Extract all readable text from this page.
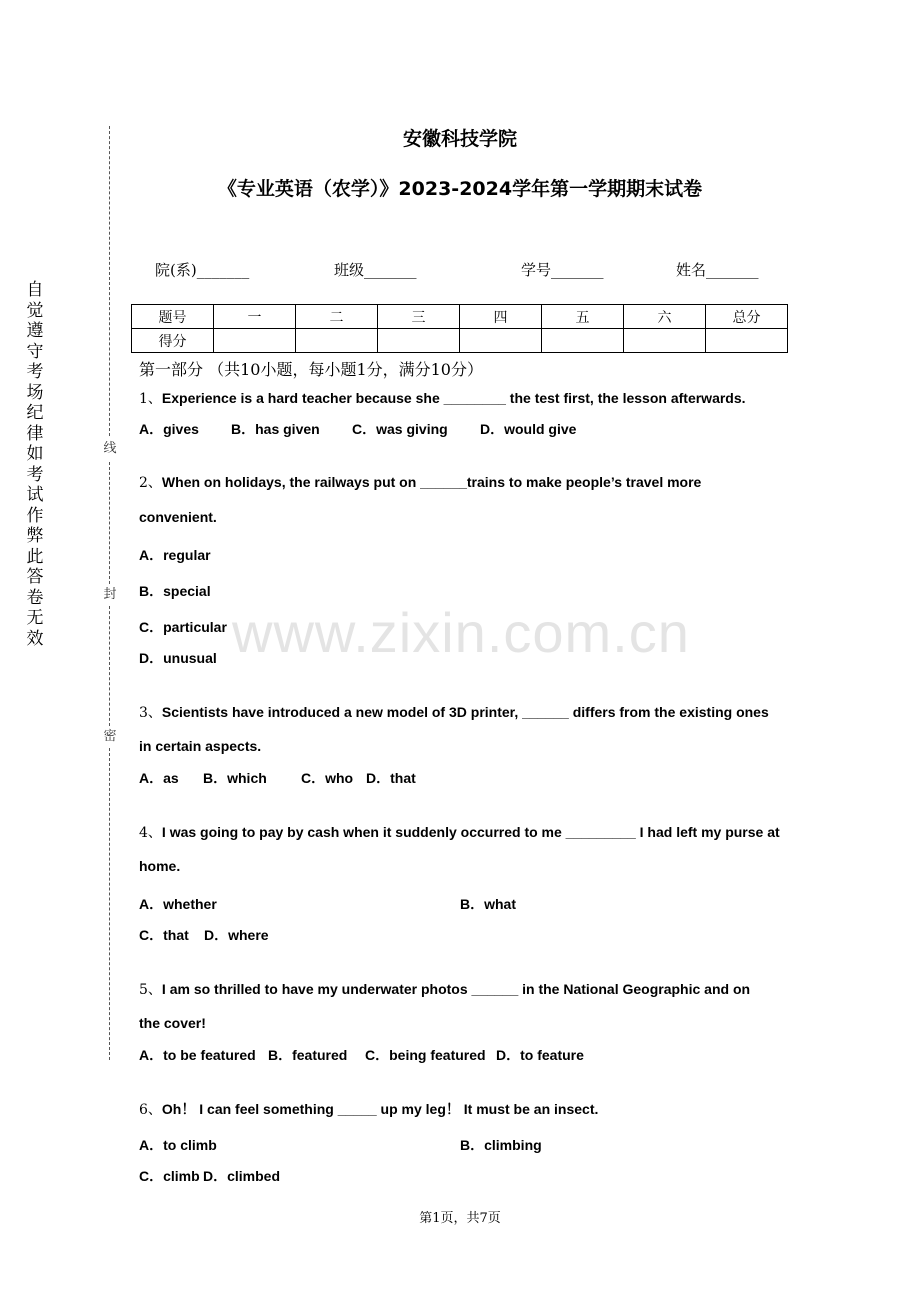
自觉遵守考场纪律如考试作弊此答卷无效
线
封
密
安徽科技学院
《专业英语（农学）》2023-2024学年第一学期期末试卷
院(系)_______	班级_______	学号_______	姓名_______
题号	一	二	三	四	五	六	总分
得分							
第一部分 （共10小题，每小题1分，满分10分）
www.zixin.com.cn
1、Experience is a hard teacher because she ________ the test first, the lesson afterwards.
A．gives B．has given C．was giving D．would give
2、When on holidays, the railways put on ______trains to make people’s travel more
convenient.
A．regular
B．special
C．particular
D．unusual
3、Scientists have introduced a new model of 3D printer, ______ differs from the existing ones
in certain aspects.
A．as B．which C．who D．that
4、I was going to pay by cash when it suddenly occurred to me _________ I had left my purse at
home.
A．whether	B．what
C．that D．where
5、I am so thrilled to have my underwater photos ______ in the National Geographic and on
the cover!
A．to be featured B．featured C．being featured D．to feature
6、Oh！ I can feel something _____ up my leg！ It must be an insect.
A．to climb	B．climbing
C．climb D．climbed
第1页，共7页
